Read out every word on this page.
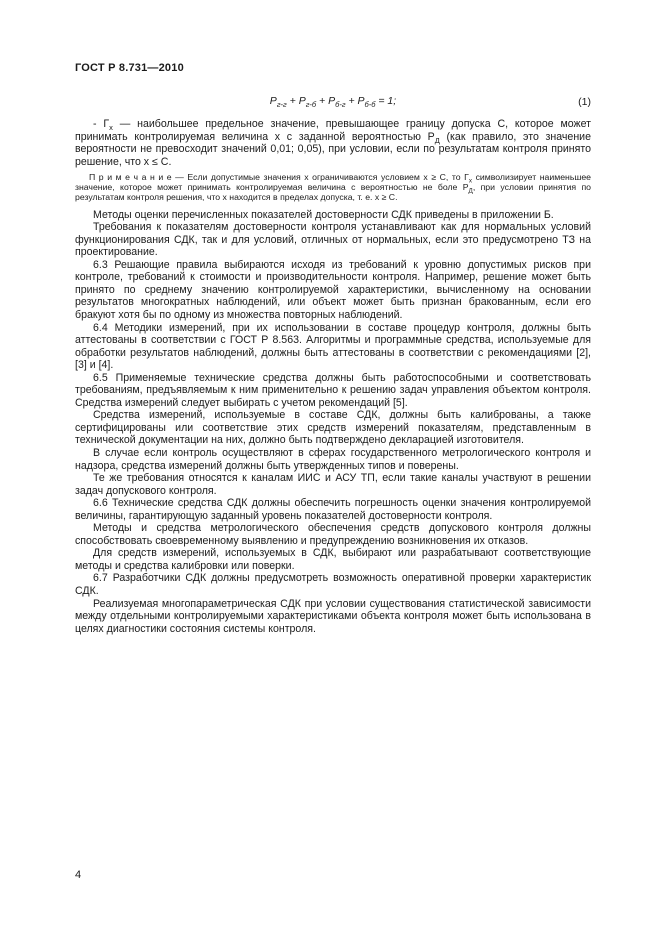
ГОСТ Р 8.731—2010
$P_{г-г} + P_{г-б} + P_{б-г} + P_{б-б} = 1$;	(1)

- $Г_х$ — наибольшее предельное значение, превышающее границу допуска С, которое может принимать контролируемая величина х с заданной вероятностью $Р_Д$ (как правило, это значение вероятности не превосходит значений 0,01; 0,05), при условии, если по результатам контроля принято решение, что х ≤ С.

П р и м е ч а н и е — Если допустимые значения х ограничиваются условием х ≥ С, то $Г_х$ символизирует наименьшее значение, которое может принимать контролируемая величина с вероятностью не боле $Р_Д$, при условии принятия по результатам контроля решения, что х находится в пределах допуска, т. е. х ≥ С.

Методы оценки перечисленных показателей достоверности СДК приведены в приложении Б.

Требования к показателям достоверности контроля устанавливают как для нормальных условий функционирования СДК, так и для условий, отличных от нормальных, если это предусмотрено ТЗ на проектирование.

6.3 Решающие правила выбираются исходя из требований к уровню допустимых рисков при контроле, требований к стоимости и производительности контроля. Например, решение может быть принято по среднему значению контролируемой характеристики, вычисленному на основании результатов многократных наблюдений, или объект может быть признан бракованным, если его бракуют хотя бы по одному из множества повторных наблюдений.

6.4 Методики измерений, при их использовании в составе процедур контроля, должны быть аттестованы в соответствии с ГОСТ Р 8.563. Алгоритмы и программные средства, используемые для обработки результатов наблюдений, должны быть аттестованы в соответствии с рекомендациями [2], [3] и [4].

6.5 Применяемые технические средства должны быть работоспособными и соответствовать требованиям, предъявляемым к ним применительно к решению задач управления объектом контроля. Средства измерений следует выбирать с учетом рекомендаций [5].

Средства измерений, используемые в составе СДК, должны быть калиброваны, а также сертифицированы или соответствие этих средств измерений показателям, представленным в технической документации на них, должно быть подтверждено декларацией изготовителя.

В случае если контроль осуществляют в сферах государственного метрологического контроля и надзора, средства измерений должны быть утвержденных типов и поверены.

Те же требования относятся к каналам ИИС и АСУ ТП, если такие каналы участвуют в решении задач допускового контроля.

6.6 Технические средства СДК должны обеспечить погрешность оценки значения контролируемой величины, гарантирующую заданный уровень показателей достоверности контроля.

Методы и средства метрологического обеспечения средств допускового контроля должны способствовать своевременному выявлению и предупреждению возникновения их отказов.

Для средств измерений, используемых в СДК, выбирают или разрабатывают соответствующие методы и средства калибровки или поверки.

6.7 Разработчики СДК должны предусмотреть возможность оперативной проверки характеристик СДК.

Реализуемая многопараметрическая СДК при условии существования статистической зависимости между отдельными контролируемыми характеристиками объекта контроля может быть использована в целях диагностики состояния системы контроля.

4
